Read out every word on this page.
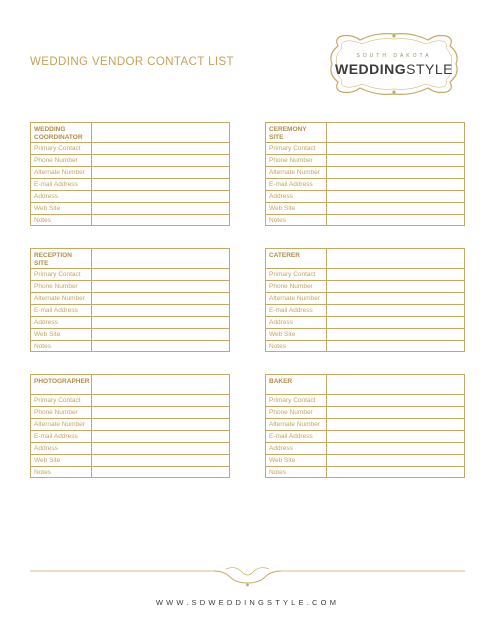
WEDDING VENDOR CONTACT LIST	SOUTH DAKOTA
WEDDINGSTYLE
WEDDING
COORDINATOR
Primary Contact
Phone Number
Alternate Number
E-mail Address
Address
Web Site
Notes
CEREMONY
SITE
Primary Contact
Phone Number
Alternate Number
E-mail Address
Address
Web Site
Notes
RECEPTION
SITE
Primary Contact
Phone Number
Alternate Number
E-mail Address
Address
Web Site
Notes
CATERER
Primary Contact
Phone Number
Alternate Number
E-mail Address
Address
Web Site
Notes
PHOTOGRAPHER
Primary Contact
Phone Number
Alternate Number
E-mail Address
Address
Web Site
Notes
BAKER
Primary Contact
Phone Number
Alternate Number
E-mail Address
Address
Web Site
Notes
WWW.SDWEDDINGSTYLE.COM
